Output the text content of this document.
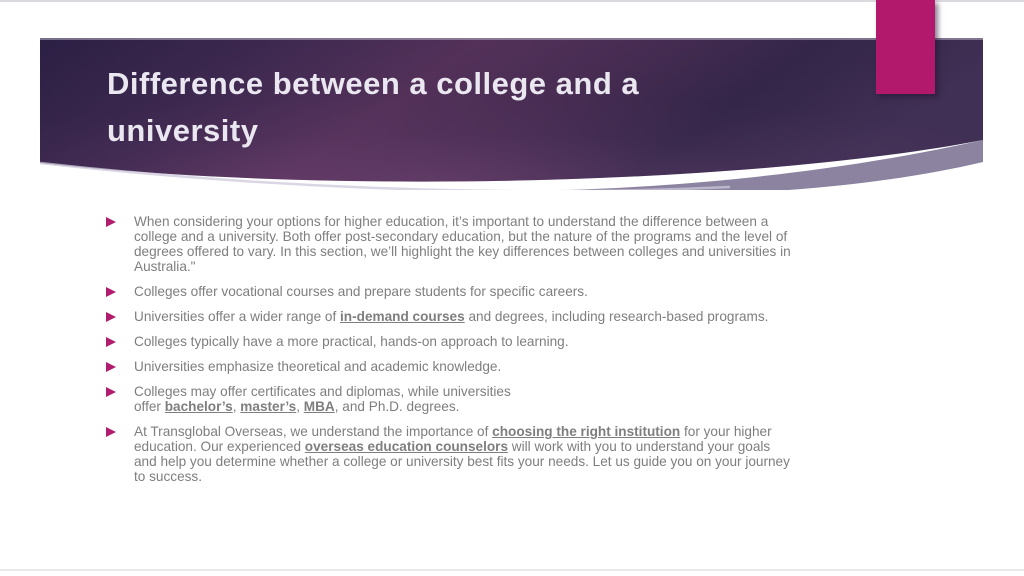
Difference between a college and a university

When considering your options for higher education, it’s important to understand the difference between a college and a university. Both offer post-secondary education, but the nature of the programs and the level of degrees offered to vary. In this section, we’ll highlight the key differences between colleges and universities in Australia."

Colleges offer vocational courses and prepare students for specific careers.

Universities offer a wider range of in-demand courses and degrees, including research-based programs.

Colleges typically have a more practical, hands-on approach to learning.

Universities emphasize theoretical and academic knowledge.

Colleges may offer certificates and diplomas, while universities
offer bachelor’s, master’s, MBA, and Ph.D. degrees.

At Transglobal Overseas, we understand the importance of choosing the right institution for your higher education. Our experienced overseas education counselors will work with you to understand your goals and help you determine whether a college or university best fits your needs. Let us guide you on your journey to success.
